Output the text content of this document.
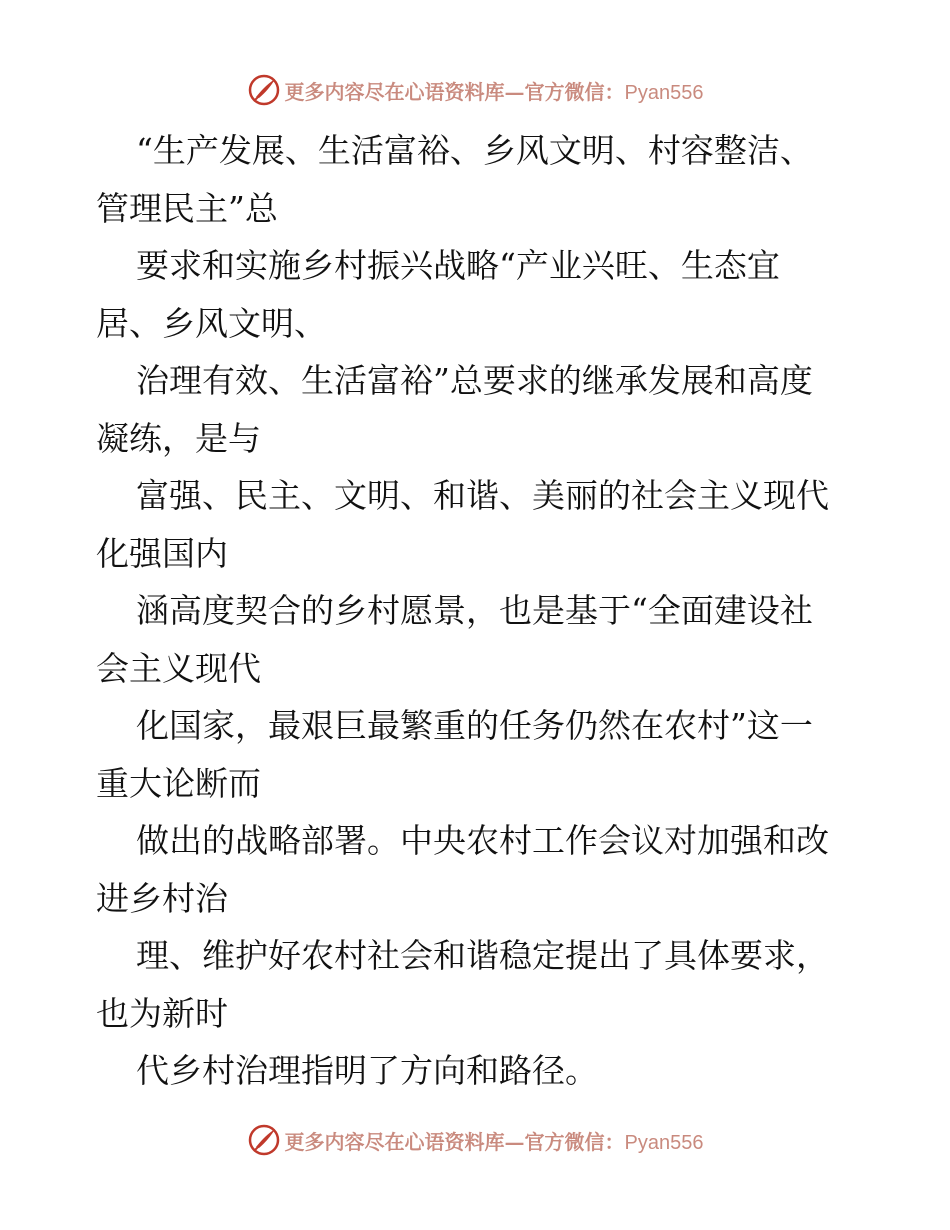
更多内容尽在心语资料库—官方微信：Pyan556
“生产发展、生活富裕、乡风文明、村容整洁、
管理民主”总
要求和实施乡村振兴战略“产业兴旺、生态宜
居、乡风文明、
治理有效、生活富裕”总要求的继承发展和高度
凝练，是与
富强、民主、文明、和谐、美丽的社会主义现代
化强国内
涵高度契合的乡村愿景，也是基于“全面建设社
会主义现代
化国家，最艰巨最繁重的任务仍然在农村”这一
重大论断而
做出的战略部署。中央农村工作会议对加强和改
进乡村治
理、维护好农村社会和谐稳定提出了具体要求，
也为新时
代乡村治理指明了方向和路径。
更多内容尽在心语资料库—官方微信：Pyan556
